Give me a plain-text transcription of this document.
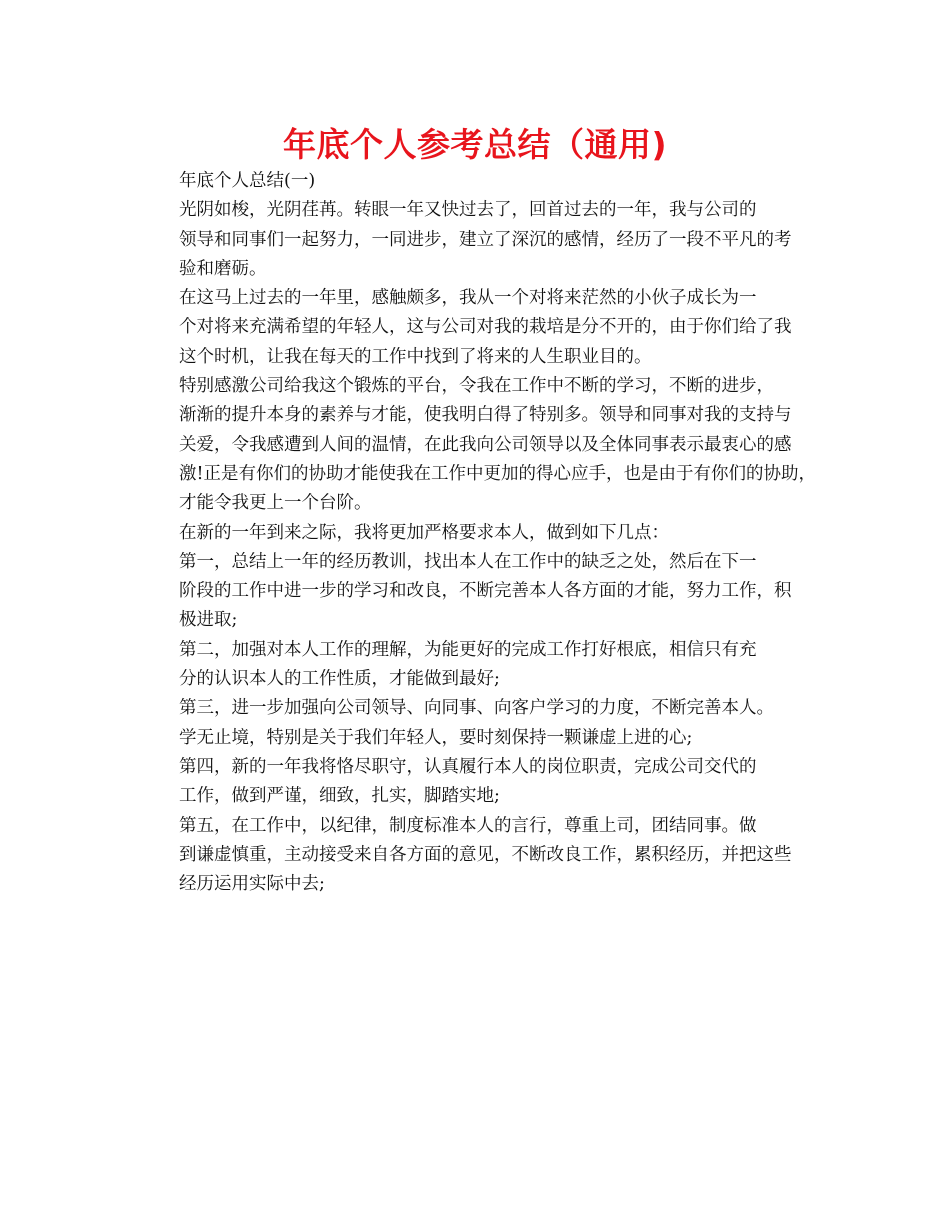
年底个人参考总结（通用)

年底个人总结(一)

光阴如梭，光阴荏苒。转眼一年又快过去了，回首过去的一年，我与公司的
领导和同事们一起努力，一同进步，建立了深沉的感情，经历了一段不平凡的考
验和磨砺。

在这马上过去的一年里，感触颇多，我从一个对将来茫然的小伙子成长为一
个对将来充满希望的年轻人，这与公司对我的栽培是分不开的，由于你们给了我
这个时机，让我在每天的工作中找到了将来的人生职业目的。

特别感激公司给我这个锻炼的平台，令我在工作中不断的学习，不断的进步，
渐渐的提升本身的素养与才能，使我明白得了特别多。领导和同事对我的支持与
关爱，令我感遭到人间的温情，在此我向公司领导以及全体同事表示最衷心的感
激!正是有你们的协助才能使我在工作中更加的得心应手，也是由于有你们的协助，
才能令我更上一个台阶。

在新的一年到来之际，我将更加严格要求本人，做到如下几点：

第一，总结上一年的经历教训，找出本人在工作中的缺乏之处，然后在下一
阶段的工作中进一步的学习和改良，不断完善本人各方面的才能，努力工作，积
极进取;

第二，加强对本人工作的理解，为能更好的完成工作打好根底，相信只有充
分的认识本人的工作性质，才能做到最好;

第三，进一步加强向公司领导、向同事、向客户学习的力度，不断完善本人。
学无止境，特别是关于我们年轻人，要时刻保持一颗谦虚上进的心;

第四，新的一年我将恪尽职守，认真履行本人的岗位职责，完成公司交代的
工作，做到严谨，细致，扎实，脚踏实地;

第五，在工作中，以纪律，制度标准本人的言行，尊重上司，团结同事。做
到谦虚慎重，主动接受来自各方面的意见，不断改良工作，累积经历，并把这些
经历运用实际中去;
